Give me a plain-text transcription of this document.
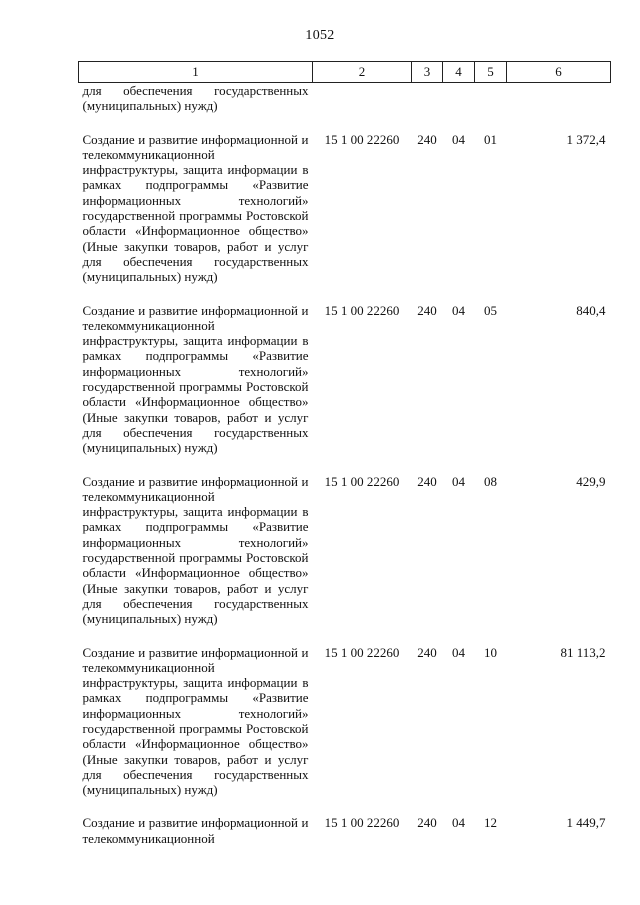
1052
1	2	3	4	5	6
для обеспечения государственных (муниципальных) нужд)					
Создание и развитие информационной и телекоммуникационной инфраструктуры, защита информации в рамках подпрограммы «Развитие информационных технологий» государственной программы Ростовской области «Информационное общество» (Иные закупки товаров, работ и услуг для обеспечения государственных (муниципальных) нужд)	15 1 00 22260	240	04	01	1 372,4
Создание и развитие информационной и телекоммуникационной инфраструктуры, защита информации в рамках подпрограммы «Развитие информационных технологий» государственной программы Ростовской области «Информационное общество» (Иные закупки товаров, работ и услуг для обеспечения государственных (муниципальных) нужд)	15 1 00 22260	240	04	05	840,4
Создание и развитие информационной и телекоммуникационной инфраструктуры, защита информации в рамках подпрограммы «Развитие информационных технологий» государственной программы Ростовской области «Информационное общество» (Иные закупки товаров, работ и услуг для обеспечения государственных (муниципальных) нужд)	15 1 00 22260	240	04	08	429,9
Создание и развитие информационной и телекоммуникационной инфраструктуры, защита информации в рамках подпрограммы «Развитие информационных технологий» государственной программы Ростовской области «Информационное общество» (Иные закупки товаров, работ и услуг для обеспечения государственных (муниципальных) нужд)	15 1 00 22260	240	04	10	81 113,2
Создание и развитие информационной и телекоммуникационной	15 1 00 22260	240	04	12	1 449,7
